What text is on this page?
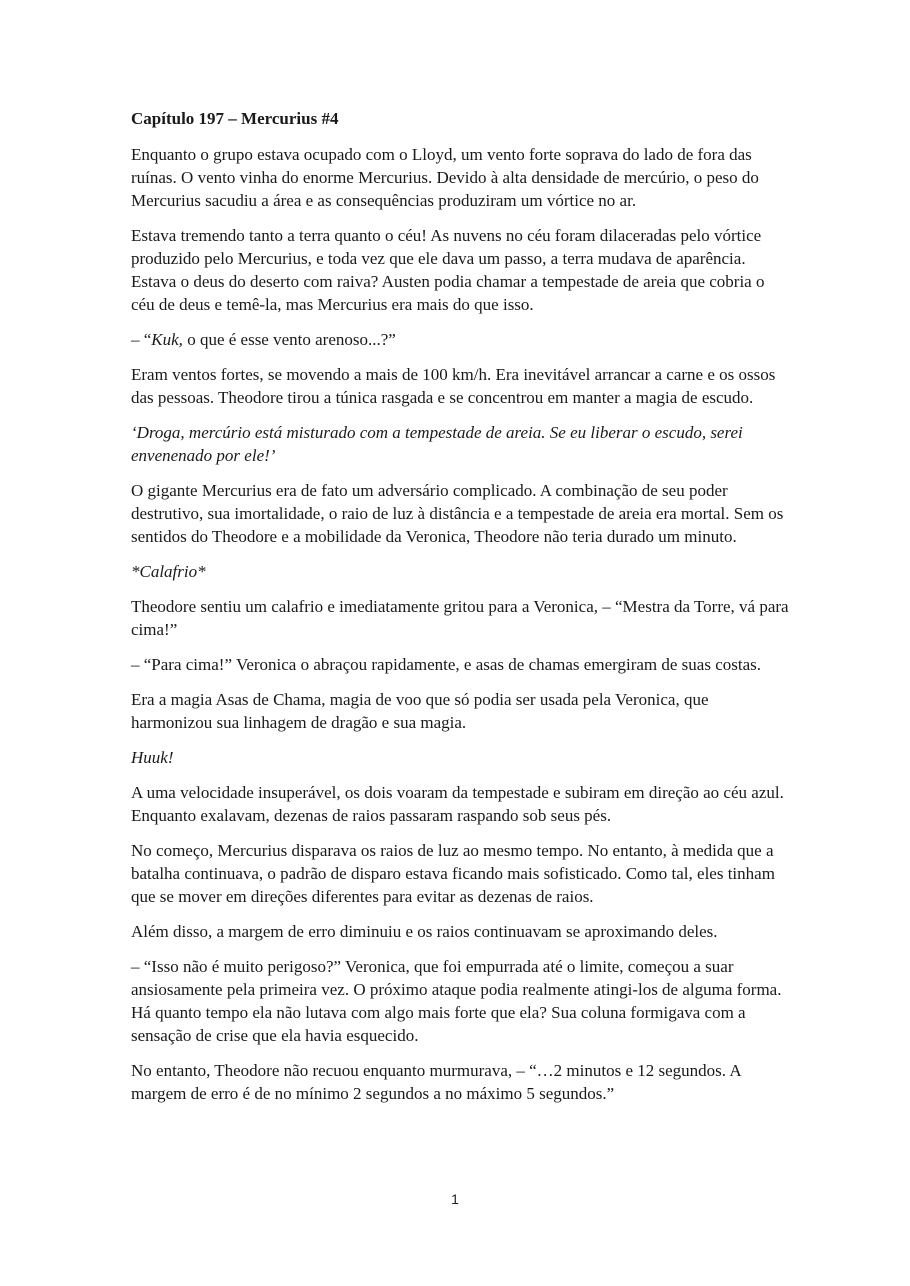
Capítulo 197 – Mercurius #4

Enquanto o grupo estava ocupado com o Lloyd, um vento forte soprava do lado de fora das ruínas. O vento vinha do enorme Mercurius. Devido à alta densidade de mercúrio, o peso do Mercurius sacudiu a área e as consequências produziram um vórtice no ar.

Estava tremendo tanto a terra quanto o céu! As nuvens no céu foram dilaceradas pelo vórtice produzido pelo Mercurius, e toda vez que ele dava um passo, a terra mudava de aparência. Estava o deus do deserto com raiva? Austen podia chamar a tempestade de areia que cobria o céu de deus e temê-la, mas Mercurius era mais do que isso.

– “Kuk, o que é esse vento arenoso...?”

Eram ventos fortes, se movendo a mais de 100 km/h. Era inevitável arrancar a carne e os ossos das pessoas. Theodore tirou a túnica rasgada e se concentrou em manter a magia de escudo.

‘Droga, mercúrio está misturado com a tempestade de areia. Se eu liberar o escudo, serei envenenado por ele!’

O gigante Mercurius era de fato um adversário complicado. A combinação de seu poder destrutivo, sua imortalidade, o raio de luz à distância e a tempestade de areia era mortal. Sem os sentidos do Theodore e a mobilidade da Veronica, Theodore não teria durado um minuto.

*Calafrio*

Theodore sentiu um calafrio e imediatamente gritou para a Veronica, – “Mestra da Torre, vá para cima!”

– “Para cima!” Veronica o abraçou rapidamente, e asas de chamas emergiram de suas costas.

Era a magia Asas de Chama, magia de voo que só podia ser usada pela Veronica, que harmonizou sua linhagem de dragão e sua magia.

Huuk!

A uma velocidade insuperável, os dois voaram da tempestade e subiram em direção ao céu azul. Enquanto exalavam, dezenas de raios passaram raspando sob seus pés.

No começo, Mercurius disparava os raios de luz ao mesmo tempo. No entanto, à medida que a batalha continuava, o padrão de disparo estava ficando mais sofisticado. Como tal, eles tinham que se mover em direções diferentes para evitar as dezenas de raios.

Além disso, a margem de erro diminuiu e os raios continuavam se aproximando deles.

– “Isso não é muito perigoso?” Veronica, que foi empurrada até o limite, começou a suar ansiosamente pela primeira vez. O próximo ataque podia realmente atingi-los de alguma forma. Há quanto tempo ela não lutava com algo mais forte que ela? Sua coluna formigava com a sensação de crise que ela havia esquecido.

No entanto, Theodore não recuou enquanto murmurava, – “…2 minutos e 12 segundos. A margem de erro é de no mínimo 2 segundos a no máximo 5 segundos.”

1
